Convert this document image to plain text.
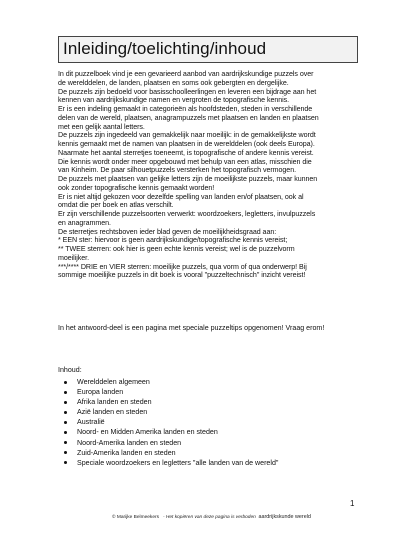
Inleiding/toelichting/inhoud
In dit puzzelboek vind je een gevarieerd aanbod van aardrijkskundige puzzels over
de werelddelen, de landen, plaatsen en soms ook gebergten en dergelijke.
De puzzels zijn bedoeld voor basisschoolleerlingen en leveren een bijdrage aan het
kennen van aardrijkskundige namen en vergroten de topografische kennis.
Er is een indeling gemaakt in categorieën als hoofdsteden, steden in verschillende
delen van de wereld, plaatsen, anagrampuzzels met plaatsen en landen en plaatsen
met een gelijk aantal letters.
De puzzels zijn ingedeeld van gemakkelijk naar moeilijk: in de gemakkelijkste wordt
kennis gemaakt met de namen van plaatsen in de werelddelen (ook deels Europa).
Naarmate het aantal sterretjes toeneemt, is topografische of andere kennis vereist.
Die kennis wordt onder meer opgebouwd met behulp van een atlas, misschien die
van Kinheim. De paar silhouetpuzzels versterken het topografisch vermogen.
De puzzels met plaatsen van gelijke letters zijn de moeilijkste puzzels, maar kunnen
ook zonder topografische kennis gemaakt worden!
Er is niet altijd gekozen voor dezelfde spelling van landen en/of plaatsen, ook al
omdat die per boek en atlas verschilt.
Er zijn verschillende puzzelsoorten verwerkt: woordzoekers, legletters, invulpuzzels
en anagrammen.
De sterretjes rechtsboven ieder blad geven de moeilijkheidsgraad aan:
* EEN ster: hiervoor is geen aardrijkskundige/topografische kennis vereist;
** TWEE sterren: ook hier is geen echte kennis vereist; wel is de puzzelvorm
moeilijker.
***/**** DRIE en VIER sterren: moeilijke puzzels, qua vorm of qua onderwerp! Bij
sommige moeilijke puzzels in dit boek is vooral "puzzeltechnisch" inzicht vereist!
In het antwoord-deel is een pagina met speciale puzzeltips opgenomen! Vraag erom!
Inhoud:
Werelddelen algemeen
Europa landen
Afrika landen en steden
Azië landen en steden
Australië
Noord- en Midden Amerika landen en steden
Noord-Amerika landen en steden
Zuid-Amerika landen en steden
Speciale woordzoekers en legletters "alle landen van de wereld"
1
© Marijke Belmeekers - Het kopiëren van deze pagina is verboden aardrijkskunde wereld
